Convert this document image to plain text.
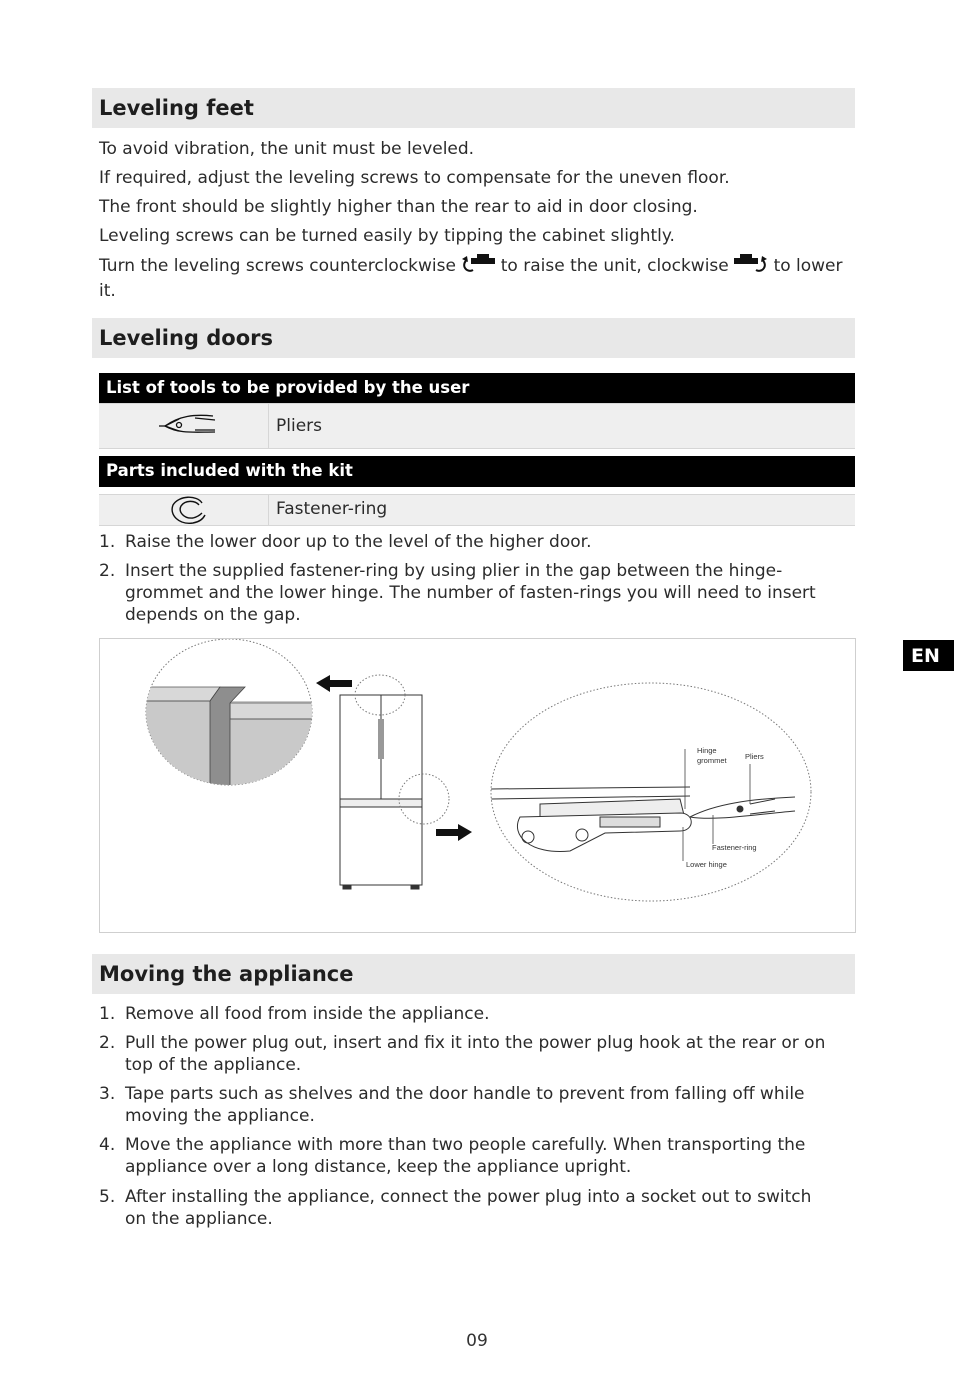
Leveling feet

To avoid vibration, the unit must be leveled.

If required, adjust the leveling screws to compensate for the uneven floor.

The front should be slightly higher than the rear to aid in door closing.

Leveling screws can be turned easily by tipping the cabinet slightly.

Turn the leveling screws counterclockwise	to raise the unit, clockwise	to lower it.

Leveling doors
List of tools to be provided by the user
Pliers
Parts included with the kit
Fastener-ring
1. Raise the lower door up to the level of the higher door.
2. Insert the supplied fastener-ring by using plier in the gap between the hinge-grommet and the lower hinge. The number of fasten-rings you will need to insert depends on the gap.
Hinge
grommet Pliers
Fastener-ring
Lower hinge
EN
Moving the appliance
1. Remove all food from inside the appliance.
2. Pull the power plug out, insert and fix it into the power plug hook at the rear or on top of the appliance.
3. Tape parts such as shelves and the door handle to prevent from falling off while moving the appliance.
4. Move the appliance with more than two people carefully. When transporting the appliance over a long distance, keep the appliance upright.
5. After installing the appliance, connect the power plug into a socket out to switch on the appliance.
09
